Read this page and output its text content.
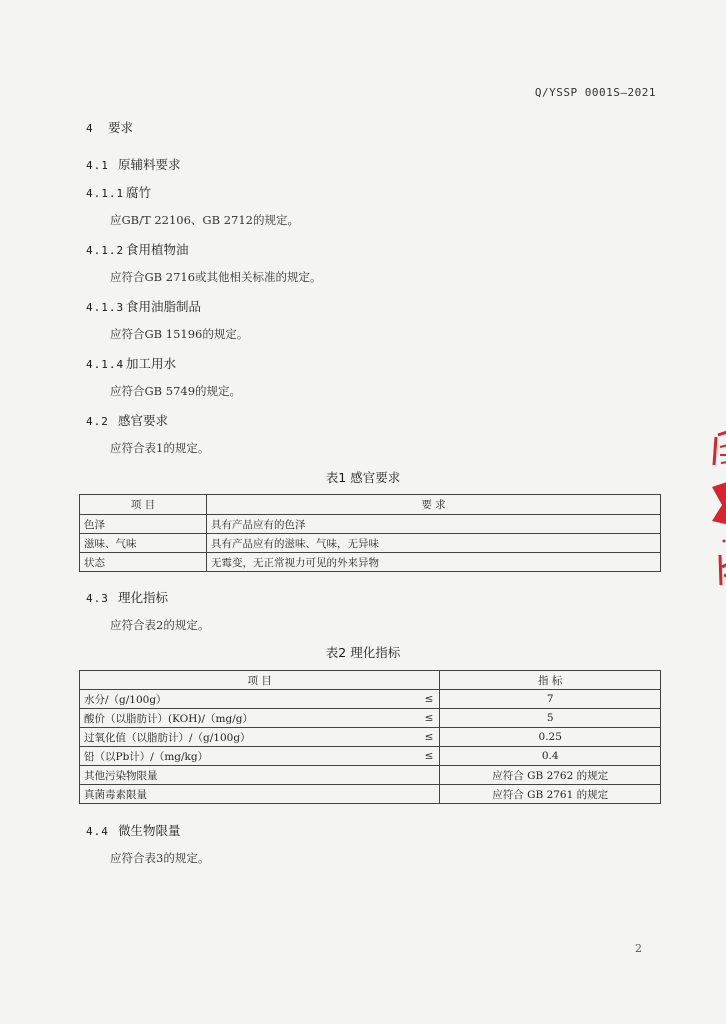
Q/YSSP 0001S—2021
4 要求
4.1 原辅料要求
4.1.1 腐竹
应GB/T 22106、GB 2712的规定。
4.1.2 食用植物油
应符合GB 2716或其他相关标准的规定。
4.1.3 食用油脂制品
应符合GB 15196的规定。
4.1.4 加工用水
应符合GB 5749的规定。
4.2 感官要求
应符合表1的规定。
表1 感官要求
项 目	要 求
色泽	具有产品应有的色泽
滋味、气味	具有产品应有的滋味、气味，无异味
状态	无霉变，无正常视力可见的外来异物
4.3 理化指标
应符合表2的规定。
表2 理化指标
项 目		指 标
水分/（g/100g）	≤	7
酸价（以脂肪计）(KOH)/（mg/g）	≤	5
过氧化值（以脂肪计）/（g/100g）	≤	0.25
铅（以Pb计）/（mg/kg）	≤	0.4
其他污染物限量		应符合 GB 2762 的规定
真菌毒素限量		应符合 GB 2761 的规定
4.4 微生物限量
应符合表3的规定。
2
